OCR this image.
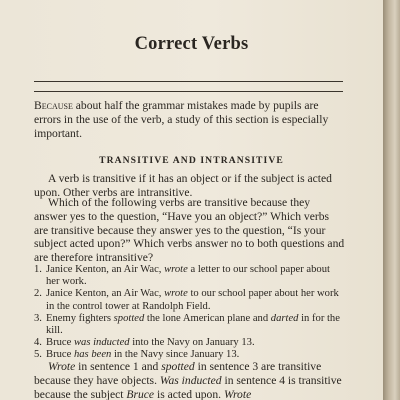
Correct Verbs

Because about half the grammar mistakes made by pupils are errors in the use of the verb, a study of this section is especially important.

TRANSITIVE AND INTRANSITIVE

A verb is transitive if it has an object or if the subject is acted upon. Other verbs are intransitive.

Which of the following verbs are transitive because they answer yes to the question, “Have you an object?” Which verbs are transitive because they answer yes to the question, “Is your subject acted upon?” Which verbs answer no to both questions and are therefore intransitive?

1. Janice Kenton, an Air Wac, wrote a letter to our school paper about her work.
2. Janice Kenton, an Air Wac, wrote to our school paper about her work in the control tower at Randolph Field.
3. Enemy fighters spotted the lone American plane and darted in for the kill.
4. Bruce was inducted into the Navy on January 13.
5. Bruce has been in the Navy since January 13.

Wrote in sentence 1 and spotted in sentence 3 are transitive because they have objects. Was inducted in sentence 4 is transitive because the subject Bruce is acted upon. Wrote
